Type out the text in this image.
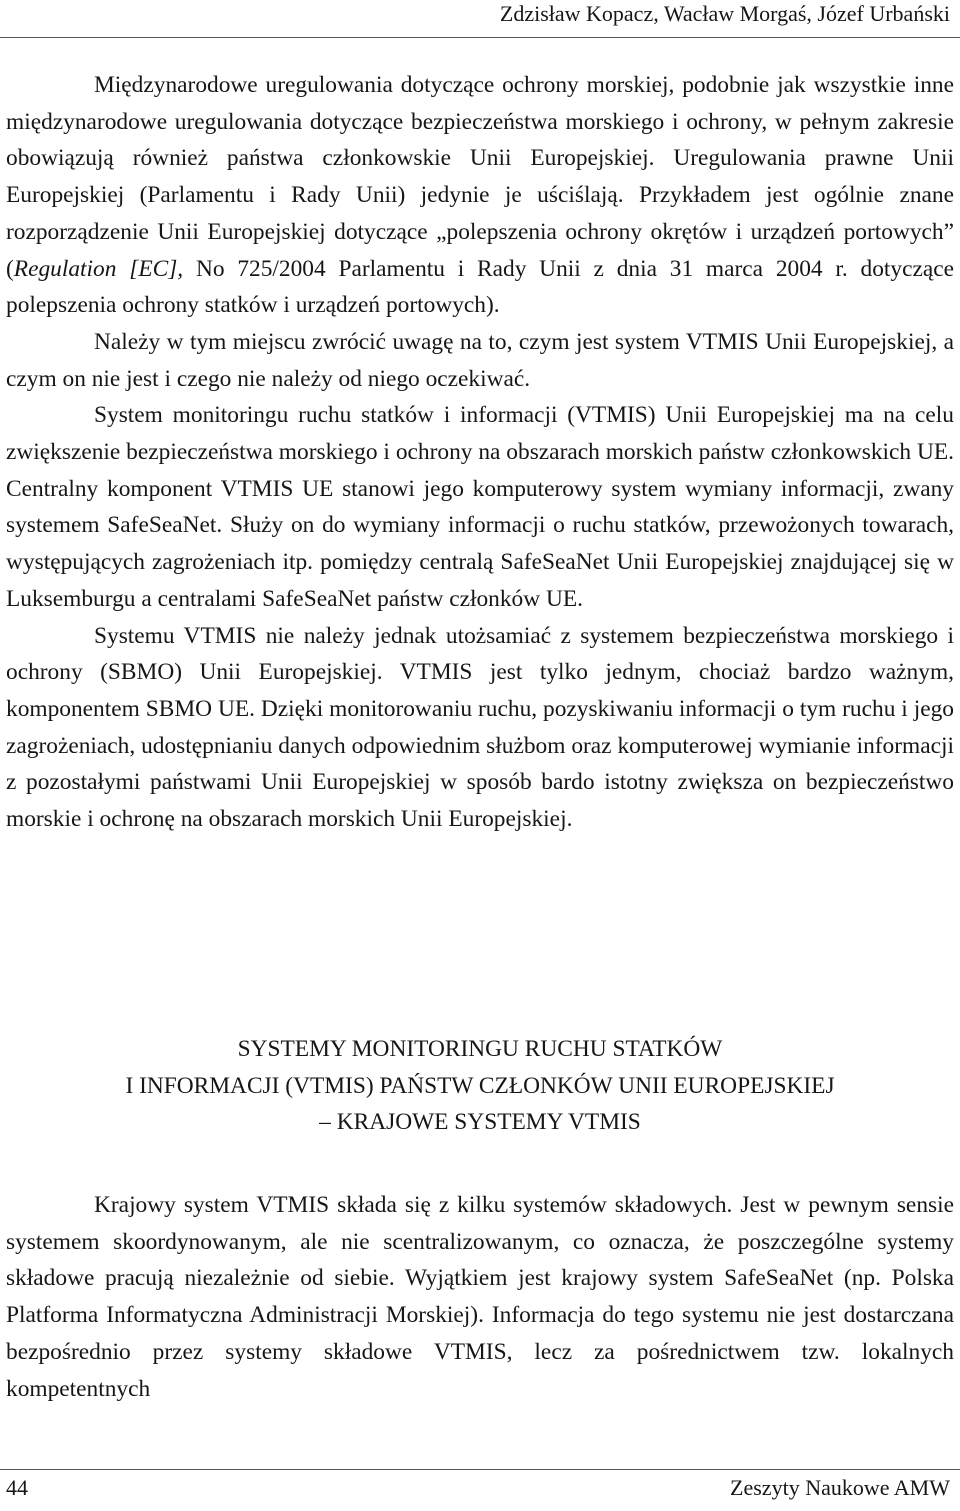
Zdzisław Kopacz, Wacław Morgaś, Józef Urbański

Międzynarodowe uregulowania dotyczące ochrony morskiej, podobnie jak wszystkie inne międzynarodowe uregulowania dotyczące bezpieczeństwa morskiego i ochrony, w pełnym zakresie obowiązują również państwa członkowskie Unii Europejskiej. Uregulowania prawne Unii Europejskiej (Parlamentu i Rady Unii) jedynie je uściślają. Przykładem jest ogólnie znane rozporządzenie Unii Europejskiej dotyczące „polepszenia ochrony okrętów i urządzeń portowych” (Regulation [EC], No 725/2004 Parlamentu i Rady Unii z dnia 31 marca 2004 r. dotyczące polepszenia ochrony statków i urządzeń portowych).

Należy w tym miejscu zwrócić uwagę na to, czym jest system VTMIS Unii Europejskiej, a czym on nie jest i czego nie należy od niego oczekiwać.

System monitoringu ruchu statków i informacji (VTMIS) Unii Europejskiej ma na celu zwiększenie bezpieczeństwa morskiego i ochrony na obszarach morskich państw członkowskich UE. Centralny komponent VTMIS UE stanowi jego komputerowy system wymiany informacji, zwany systemem SafeSeaNet. Służy on do wymiany informacji o ruchu statków, przewożonych towarach, występujących zagrożeniach itp. pomiędzy centralą SafeSeaNet Unii Europejskiej znajdującej się w Luksemburgu a centralami SafeSeaNet państw członków UE.

Systemu VTMIS nie należy jednak utożsamiać z systemem bezpieczeństwa morskiego i ochrony (SBMO) Unii Europejskiej. VTMIS jest tylko jednym, chociaż bardzo ważnym, komponentem SBMO UE. Dzięki monitorowaniu ruchu, pozyskiwaniu informacji o tym ruchu i jego zagrożeniach, udostępnianiu danych odpowiednim służbom oraz komputerowej wymianie informacji z pozostałymi państwami Unii Europejskiej w sposób bardo istotny zwiększa on bezpieczeństwo morskie i ochronę na obszarach morskich Unii Europejskiej.

SYSTEMY MONITORINGU RUCHU STATKÓW
I INFORMACJI (VTMIS) PAŃSTW CZŁONKÓW UNII EUROPEJSKIEJ
– KRAJOWE SYSTEMY VTMIS

Krajowy system VTMIS składa się z kilku systemów składowych. Jest w pewnym sensie systemem skoordynowanym, ale nie scentralizowanym, co oznacza, że poszczególne systemy składowe pracują niezależnie od siebie. Wyjątkiem jest krajowy system SafeSeaNet (np. Polska Platforma Informatyczna Administracji Morskiej). Informacja do tego systemu nie jest dostarczana bezpośrednio przez systemy składowe VTMIS, lecz za pośrednictwem tzw. lokalnych kompetentnych

44	Zeszyty Naukowe AMW
